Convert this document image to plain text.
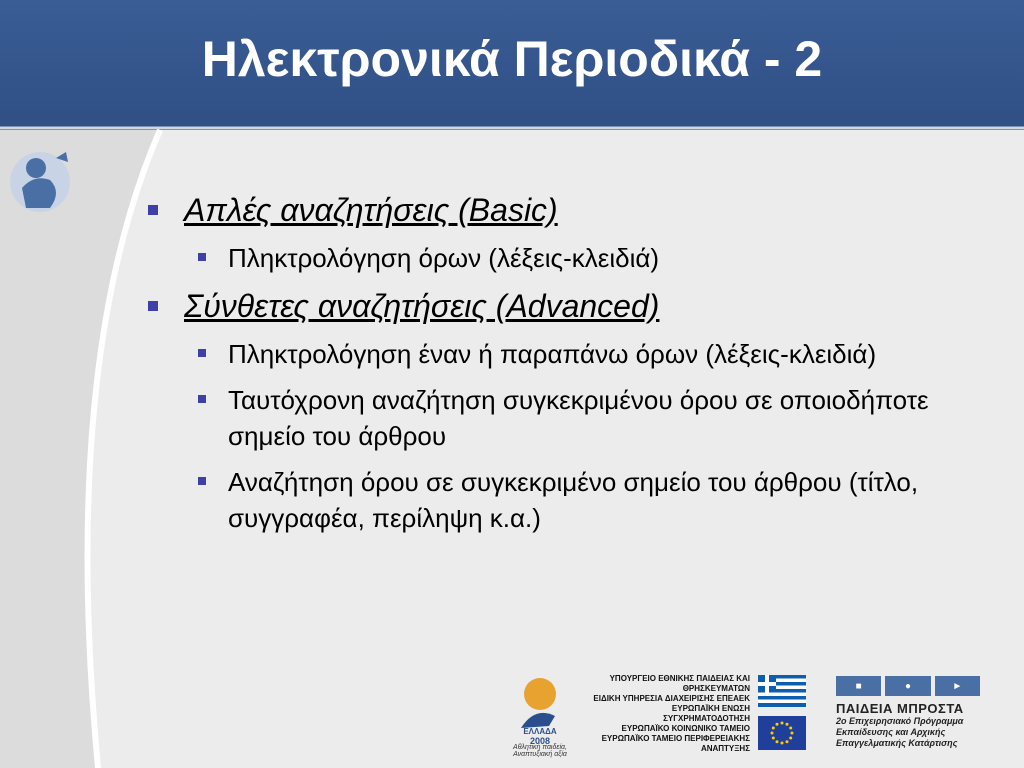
Ηλεκτρονικά Περιοδικά - 2
Απλές αναζητήσεις (Basic)
Πληκτρολόγηση όρων (λέξεις-κλειδιά)
Σύνθετες αναζητήσεις (Advanced)
Πληκτρολόγηση έναν ή παραπάνω όρων (λέξεις-κλειδιά)
Ταυτόχρονη αναζήτηση συγκεκριμένου όρου σε οποιοδήποτε σημείο του άρθρου
Αναζήτηση όρου σε συγκεκριμένο σημείο του άρθρου (τίτλο, συγγραφέα, περίληψη κ.α.)
ΕΛΛΑΔΑ
2008
Αθλητική παιδεία, Αναπτυξιακή αξία
ΥΠΟΥΡΓΕΙΟ ΕΘΝΙΚΗΣ ΠΑΙΔΕΙΑΣ ΚΑΙ ΘΡΗΣΚΕΥΜΑΤΩΝ
ΕΙΔΙΚΗ ΥΠΗΡΕΣΙΑ ΔΙΑΧΕΙΡΙΣΗΣ ΕΠΕΑΕΚ
ΕΥΡΩΠΑΪΚΗ ΕΝΩΣΗ
ΣΥΓΧΡΗΜΑΤΟΔΟΤΗΣΗ
ΕΥΡΩΠΑΪΚΟ ΚΟΙΝΩΝΙΚΟ ΤΑΜΕΙΟ
ΕΥΡΩΠΑΪΚΟ ΤΑΜΕΙΟ ΠΕΡΙΦΕΡΕΙΑΚΗΣ ΑΝΑΠΤΥΞΗΣ
■	●	►
ΠΑΙΔΕΙΑ ΜΠΡΟΣΤΑ
2ο Επιχειρησιακό Πρόγραμμα
Εκπαίδευσης και Αρχικής
Επαγγελματικής Κατάρτισης
